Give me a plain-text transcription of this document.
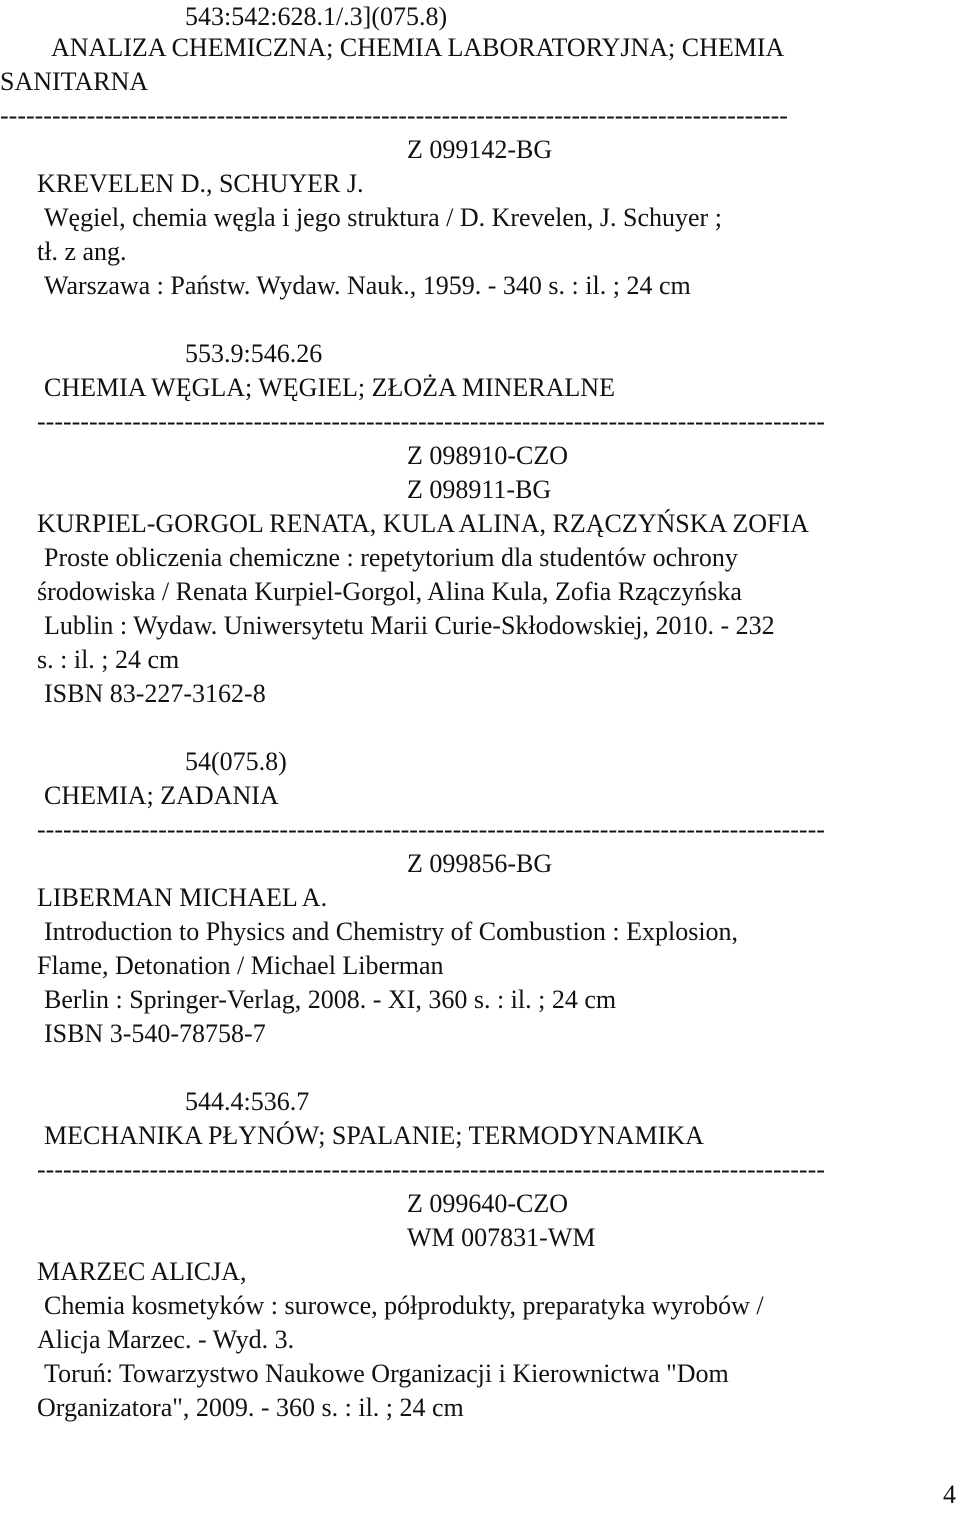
543:542:628.1/.3](075.8)
ANALIZA CHEMICZNA; CHEMIA LABORATORYJNA; CHEMIA
SANITARNA
-------------------------------------------------------------------------------------------
Z 099142-BG
KREVELEN D., SCHUYER J.
Węgiel, chemia węgla i jego struktura / D. Krevelen, J. Schuyer ;
tł. z ang.
Warszawa : Państw. Wydaw. Nauk., 1959. - 340 s. : il. ; 24 cm
553.9:546.26
CHEMIA WĘGLA; WĘGIEL; ZŁOŻA MINERALNE
-------------------------------------------------------------------------------------------
Z 098910-CZO
Z 098911-BG
KURPIEL-GORGOL RENATA, KULA ALINA, RZĄCZYŃSKA ZOFIA
Proste obliczenia chemiczne : repetytorium dla studentów ochrony
środowiska / Renata Kurpiel-Gorgol, Alina Kula, Zofia Rzączyńska
Lublin : Wydaw. Uniwersytetu Marii Curie-Skłodowskiej, 2010. - 232
s. : il. ; 24 cm
ISBN 83-227-3162-8
54(075.8)
CHEMIA; ZADANIA
-------------------------------------------------------------------------------------------
Z 099856-BG
LIBERMAN MICHAEL A.
Introduction to Physics and Chemistry of Combustion : Explosion,
Flame, Detonation / Michael Liberman
Berlin : Springer-Verlag, 2008. - XI, 360 s. : il. ; 24 cm
ISBN 3-540-78758-7
544.4:536.7
MECHANIKA PŁYNÓW; SPALANIE; TERMODYNAMIKA
-------------------------------------------------------------------------------------------
Z 099640-CZO
WM 007831-WM
MARZEC ALICJA,
Chemia kosmetyków : surowce, półprodukty, preparatyka wyrobów /
Alicja Marzec. - Wyd. 3.
Toruń: Towarzystwo Naukowe Organizacji i Kierownictwa "Dom
Organizatora", 2009. - 360 s. : il. ; 24 cm
4
